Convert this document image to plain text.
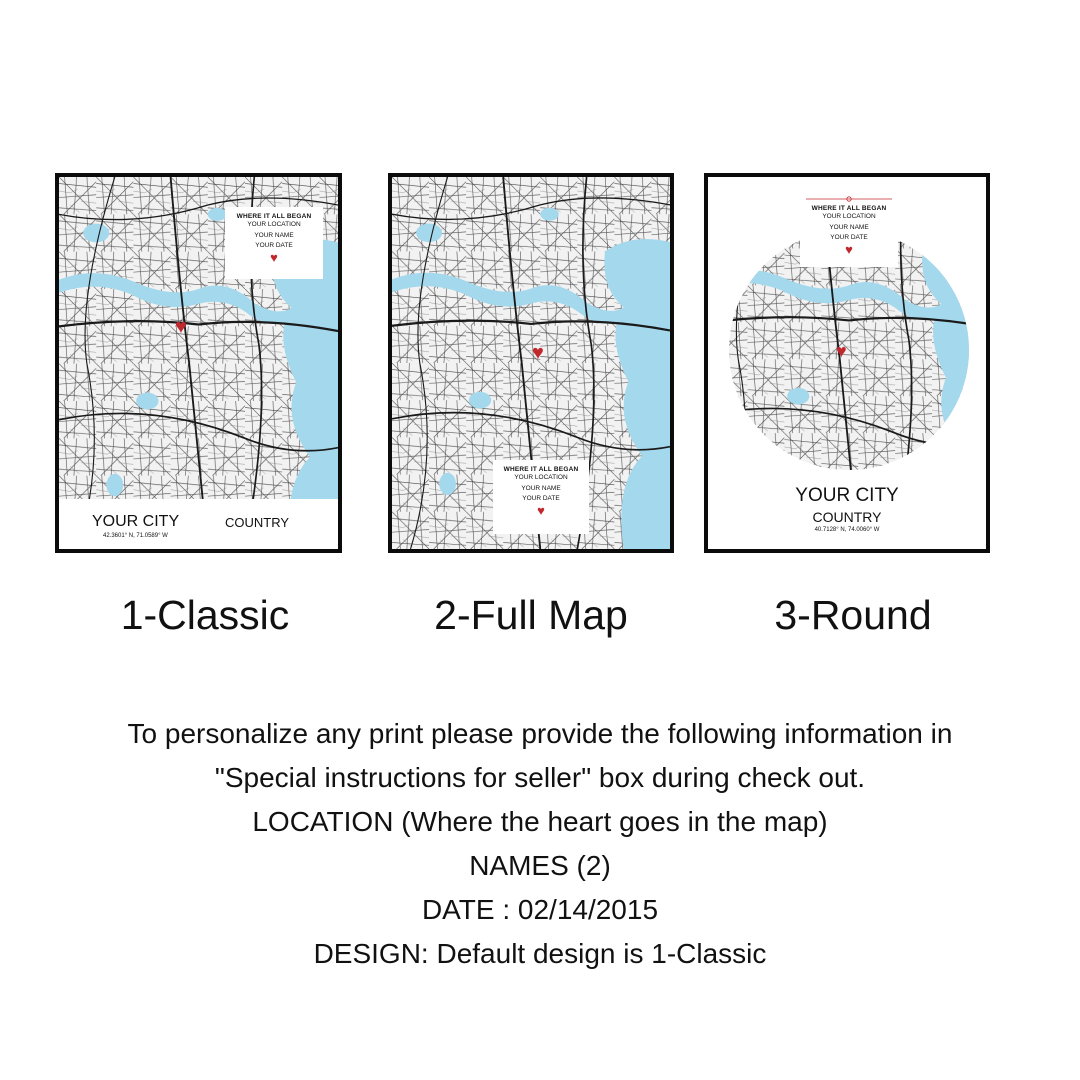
WHERE IT ALL BEGAN
YOUR LOCATION
YOUR NAME
YOUR DATE
♥
♥
YOUR CITY	COUNTRY
42.3601° N, 71.0589° W
♥
WHERE IT ALL BEGAN
YOUR LOCATION
YOUR NAME
YOUR DATE
♥
WHERE IT ALL BEGAN
YOUR LOCATION
YOUR NAME
YOUR DATE
♥
♥
YOUR CITY
COUNTRY
40.7128° N, 74.0060° W
1-Classic	2-Full Map	3-Round
To personalize any print please provide the following information in
"Special instructions for seller" box during check out.
LOCATION (Where the heart goes in the map)
NAMES (2)
DATE : 02/14/2015
DESIGN: Default design is 1-Classic
